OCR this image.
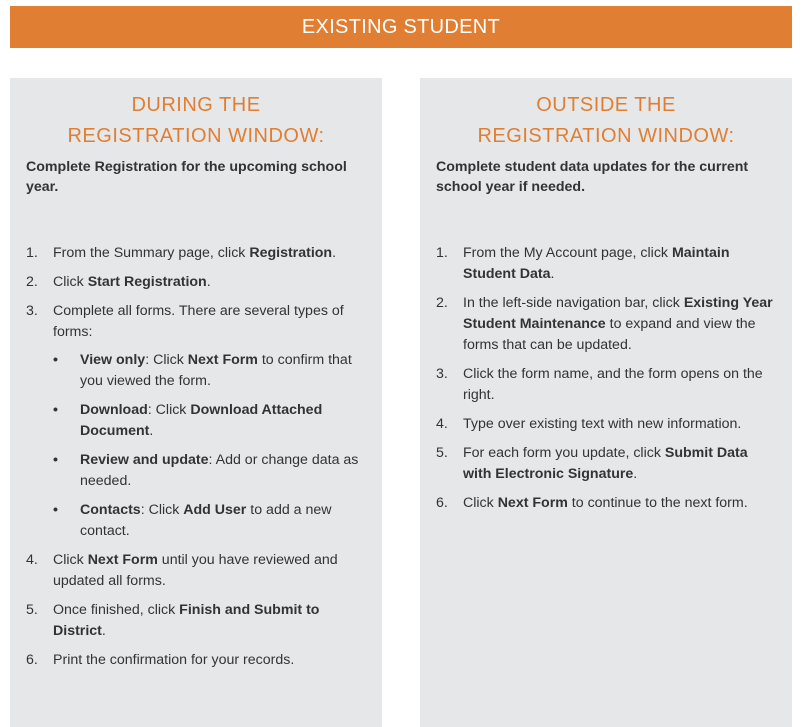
EXISTING STUDENT
DURING THE
REGISTRATION WINDOW:

Complete Registration for the upcoming school year.

1.	From the Summary page, click Registration.
2.	Click Start Registration.
3.	Complete all forms. There are several types of forms:
•	View only: Click Next Form to confirm that you viewed the form.
•	Download: Click Download Attached Document.
•	Review and update: Add or change data as needed.
•	Contacts: Click Add User to add a new contact.
4.	Click Next Form until you have reviewed and updated all forms.
5.	Once finished, click Finish and Submit to District.
6.	Print the confirmation for your records.
OUTSIDE THE
REGISTRATION WINDOW:

Complete student data updates for the current school year if needed.

1.	From the My Account page, click Maintain Student Data.
2.	In the left-side navigation bar, click Existing Year Student Maintenance to expand and view the forms that can be updated.
3.	Click the form name, and the form opens on the right.
4.	Type over existing text with new information.
5.	For each form you update, click Submit Data with Electronic Signature.
6.	Click Next Form to continue to the next form.
